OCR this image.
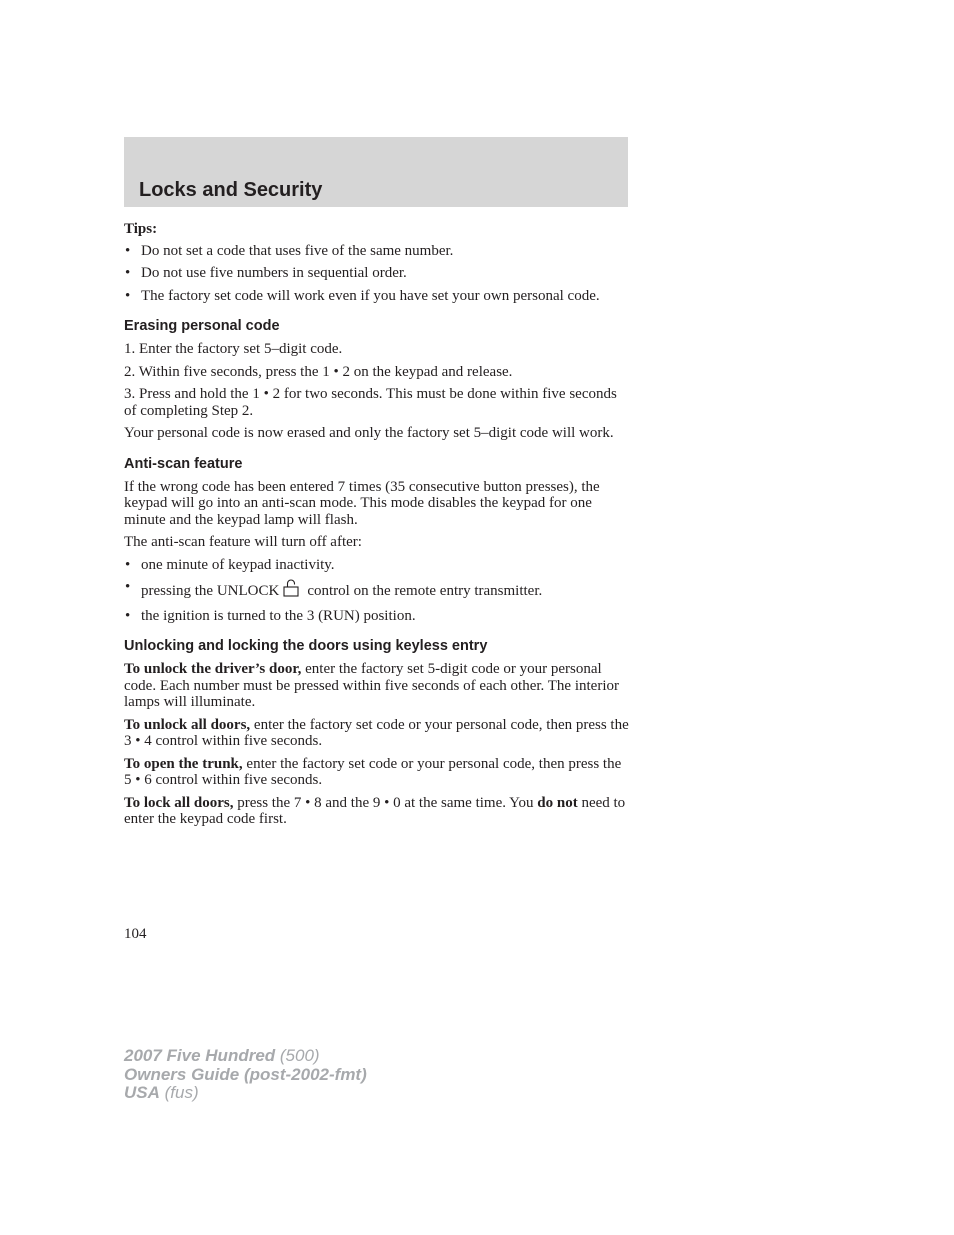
Locks and Security

Tips:

• Do not set a code that uses five of the same number.
• Do not use five numbers in sequential order.
• The factory set code will work even if you have set your own personal code.
Erasing personal code

1. Enter the factory set 5–digit code.

2. Within five seconds, press the 1 • 2 on the keypad and release.

3. Press and hold the 1 • 2 for two seconds. This must be done within five seconds of completing Step 2.

Your personal code is now erased and only the factory set 5–digit code will work.

Anti-scan feature

If the wrong code has been entered 7 times (35 consecutive button presses), the keypad will go into an anti-scan mode. This mode disables the keypad for one minute and the keypad lamp will flash.

The anti-scan feature will turn off after:

• one minute of keypad inactivity.
• pressing the UNLOCK control on the remote entry transmitter.
• the ignition is turned to the 3 (RUN) position.
Unlocking and locking the doors using keyless entry

To unlock the driver’s door, enter the factory set 5-digit code or your personal code. Each number must be pressed within five seconds of each other. The interior lamps will illuminate.

To unlock all doors, enter the factory set code or your personal code, then press the 3 • 4 control within five seconds.

To open the trunk, enter the factory set code or your personal code, then press the 5 • 6 control within five seconds.

To lock all doors, press the 7 • 8 and the 9 • 0 at the same time. You do not need to enter the keypad code first.

104
2007 Five Hundred (500)
Owners Guide (post-2002-fmt)
USA (fus)
